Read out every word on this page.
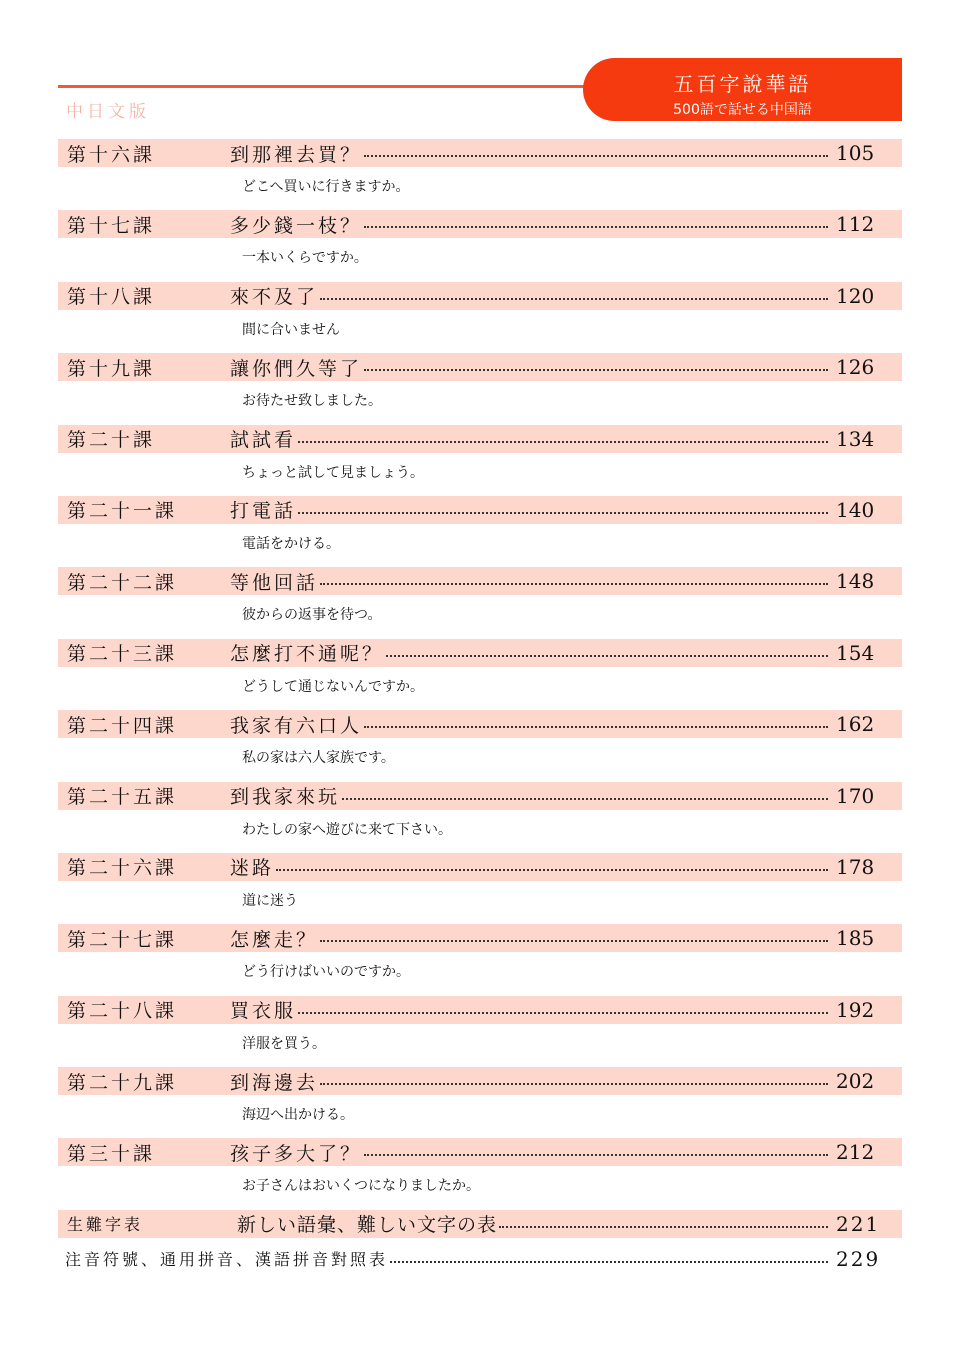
五百字說華語
500語で話せる中国語
中日文版
第十六課	到那裡去買？	105
どこへ買いに行きますか。
第十七課	多少錢一枝？	112
一本いくらですか。
第十八課	來不及了	120
間に合いません
第十九課	讓你們久等了	126
お待たせ致しました。
第二十課	試試看	134
ちょっと試して見ましょう。
第二十一課	打電話	140
電話をかける。
第二十二課	等他回話	148
彼からの返事を待つ。
第二十三課	怎麼打不通呢？	154
どうして通じないんですか。
第二十四課	我家有六口人	162
私の家は六人家族です。
第二十五課	到我家來玩	170
わたしの家へ遊びに来て下さい。
第二十六課	迷路	178
道に迷う
第二十七課	怎麼走？	185
どう行けばいいのですか。
第二十八課	買衣服	192
洋服を買う。
第二十九課	到海邊去	202
海辺へ出かける。
第三十課	孩子多大了？	212
お子さんはおいくつになりましたか。
生難字表	新しい語彙、難しい文字の表	221
注音符號、通用拼音、漢語拼音對照表	229
